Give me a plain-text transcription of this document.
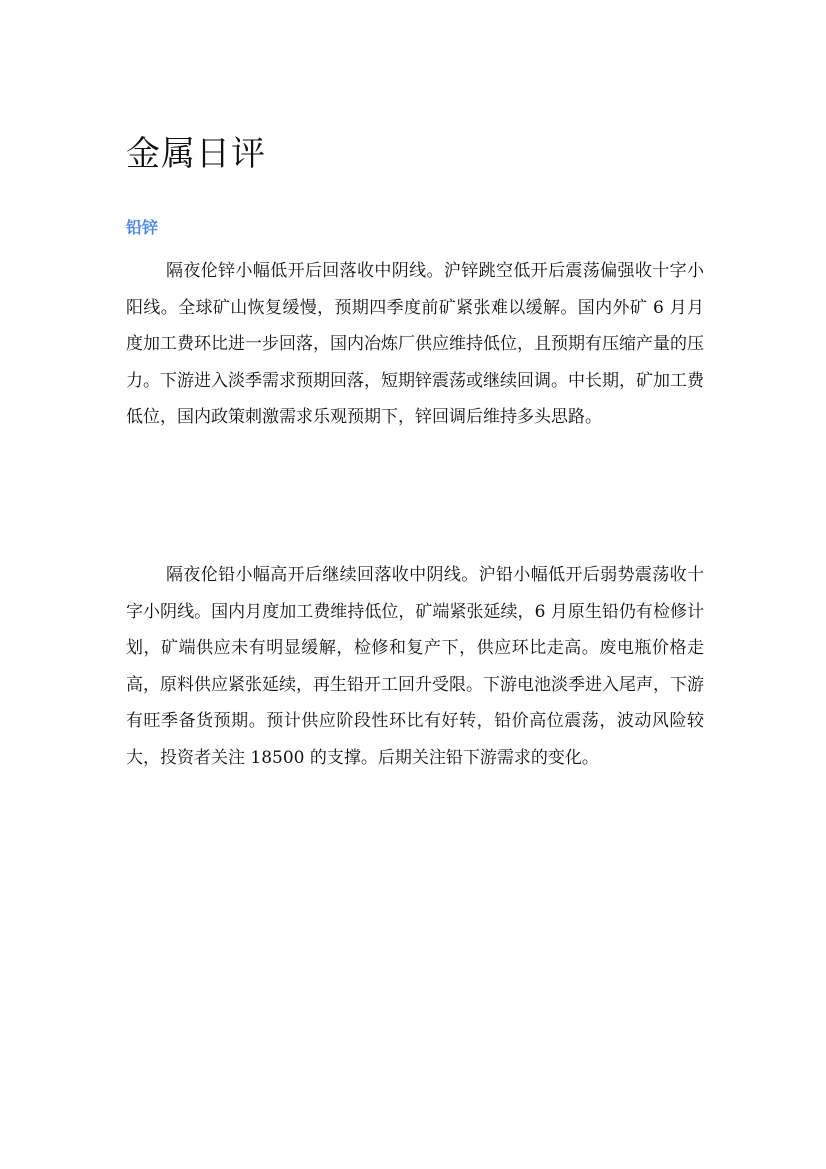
金属日评
铅锌

隔夜伦锌小幅低开后回落收中阴线。沪锌跳空低开后震荡偏强收十字小阳线。全球矿山恢复缓慢，预期四季度前矿紧张难以缓解。国内外矿 6 月月度加工费环比进一步回落，国内冶炼厂供应维持低位，且预期有压缩产量的压力。下游进入淡季需求预期回落，短期锌震荡或继续回调。中长期，矿加工费低位，国内政策刺激需求乐观预期下，锌回调后维持多头思路。

隔夜伦铅小幅高开后继续回落收中阴线。沪铅小幅低开后弱势震荡收十字小阴线。国内月度加工费维持低位，矿端紧张延续，6 月原生铅仍有检修计划，矿端供应未有明显缓解，检修和复产下，供应环比走高。废电瓶价格走高，原料供应紧张延续，再生铅开工回升受限。下游电池淡季进入尾声，下游有旺季备货预期。预计供应阶段性环比有好转，铅价高位震荡，波动风险较大，投资者关注 18500 的支撑。后期关注铅下游需求的变化。
